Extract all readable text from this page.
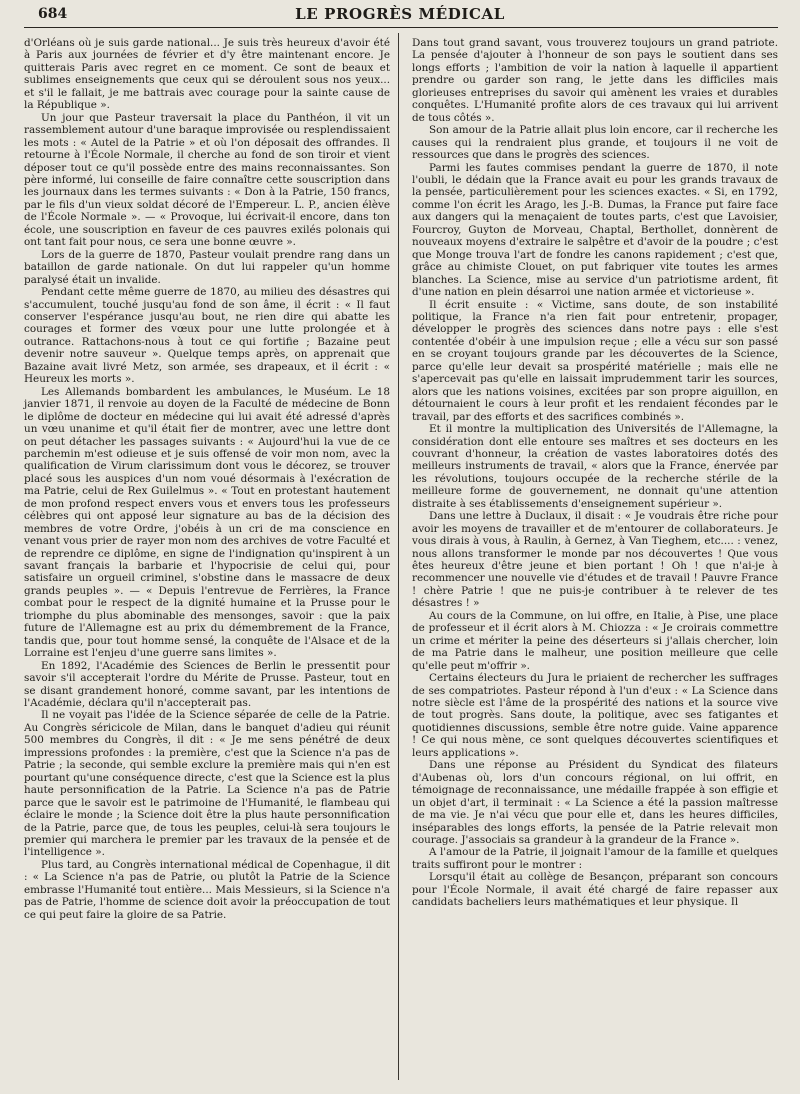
684	LE PROGRÈS MÉDICAL

d'Orléans où je suis garde national... Je suis très heureux d'avoir été à Paris aux journées de février et d'y être maintenant encore. Je quitterais Paris avec regret en ce moment. Ce sont de beaux et sublimes enseignements que ceux qui se déroulent sous nos yeux... et s'il le fallait, je me battrais avec courage pour la sainte cause de la République ».

Un jour que Pasteur traversait la place du Panthéon, il vit un rassemblement autour d'une baraque improvisée ou resplendissaient les mots : « Autel de la Patrie » et où l'on déposait des offrandes. Il retourne à l'École Normale, il cherche au fond de son tiroir et vient déposer tout ce qu'il possède entre des mains reconnaissantes. Son père informé, lui conseille de faire connaître cette souscription dans les journaux dans les termes suivants : « Don à la Patrie, 150 francs, par le fils d'un vieux soldat décoré de l'Empereur. L. P., ancien élève de l'École Normale ». — « Provoque, lui écrivait-il encore, dans ton école, une souscription en faveur de ces pauvres exilés polonais qui ont tant fait pour nous, ce sera une bonne œuvre ».

Lors de la guerre de 1870, Pasteur voulait prendre rang dans un bataillon de garde nationale. On dut lui rappeler qu'un homme paralysé était un invalide.

Pendant cette même guerre de 1870, au milieu des désastres qui s'accumulent, touché jusqu'au fond de son âme, il écrit : « Il faut conserver l'espérance jusqu'au bout, ne rien dire qui abatte les courages et former des vœux pour une lutte prolongée et à outrance. Rattachons-nous à tout ce qui fortifie ; Bazaine peut devenir notre sauveur ». Quelque temps après, on apprenait que Bazaine avait livré Metz, son armée, ses drapeaux, et il écrit : « Heureux les morts ».

Les Allemands bombardent les ambulances, le Muséum. Le 18 janvier 1871, il renvoie au doyen de la Faculté de médecine de Bonn le diplôme de docteur en médecine qui lui avait été adressé d'après un vœu unanime et qu'il était fier de montrer, avec une lettre dont on peut détacher les passages suivants : « Aujourd'hui la vue de ce parchemin m'est odieuse et je suis offensé de voir mon nom, avec la qualification de Virum clarissimum dont vous le décorez, se trouver placé sous les auspices d'un nom voué désormais à l'exécration de ma Patrie, celui de Rex Guilelmus ». « Tout en protestant hautement de mon profond respect envers vous et envers tous les professeurs célèbres qui ont apposé leur signature au bas de la décision des membres de votre Ordre, j'obéis à un cri de ma conscience en venant vous prier de rayer mon nom des archives de votre Faculté et de reprendre ce diplôme, en signe de l'indignation qu'inspirent à un savant français la barbarie et l'hypocrisie de celui qui, pour satisfaire un orgueil criminel, s'obstine dans le massacre de deux grands peuples ». — « Depuis l'entrevue de Ferrières, la France combat pour le respect de la dignité humaine et la Prusse pour le triomphe du plus abominable des mensonges, savoir : que la paix future de l'Allemagne est au prix du démembrement de la France, tandis que, pour tout homme sensé, la conquête de l'Alsace et de la Lorraine est l'enjeu d'une guerre sans limites ».

En 1892, l'Académie des Sciences de Berlin le pressentit pour savoir s'il accepterait l'ordre du Mérite de Prusse. Pasteur, tout en se disant grandement honoré, comme savant, par les intentions de l'Académie, déclara qu'il n'accepterait pas.

Il ne voyait pas l'idée de la Science séparée de celle de la Patrie. Au Congrès séricicole de Milan, dans le banquet d'adieu qui réunit 500 membres du Congrès, il dit : « Je me sens pénétré de deux impressions profondes : la première, c'est que la Science n'a pas de Patrie ; la seconde, qui semble exclure la première mais qui n'en est pourtant qu'une conséquence directe, c'est que la Science est la plus haute personnification de la Patrie. La Science n'a pas de Patrie parce que le savoir est le patrimoine de l'Humanité, le flambeau qui éclaire le monde ; la Science doit être la plus haute personnification de la Patrie, parce que, de tous les peuples, celui-là sera toujours le premier qui marchera le premier par les travaux de la pensée et de l'intelligence ».

Plus tard, au Congrès international médical de Copenhague, il dit : « La Science n'a pas de Patrie, ou plutôt la Patrie de la Science embrasse l'Humanité tout entière... Mais Messieurs, si la Science n'a pas de Patrie, l'homme de science doit avoir la préoccupation de tout ce qui peut faire la gloire de sa Patrie.

Dans tout grand savant, vous trouverez toujours un grand patriote. La pensée d'ajouter à l'honneur de son pays le soutient dans ses longs efforts ; l'ambition de voir la nation à laquelle il appartient prendre ou garder son rang, le jette dans les difficiles mais glorieuses entreprises du savoir qui amènent les vraies et durables conquêtes. L'Humanité profite alors de ces travaux qui lui arrivent de tous côtés ».

Son amour de la Patrie allait plus loin encore, car il recherche les causes qui la rendraient plus grande, et toujours il ne voit de ressources que dans le progrès des sciences.

Parmi les fautes commises pendant la guerre de 1870, il note l'oubli, le dédain que la France avait eu pour les grands travaux de la pensée, particulièrement pour les sciences exactes. « Si, en 1792, comme l'on écrit les Arago, les J.-B. Dumas, la France put faire face aux dangers qui la menaçaient de toutes parts, c'est que Lavoisier, Fourcroy, Guyton de Morveau, Chaptal, Berthollet, donnèrent de nouveaux moyens d'extraire le salpêtre et d'avoir de la poudre ; c'est que Monge trouva l'art de fondre les canons rapidement ; c'est que, grâce au chimiste Clouet, on put fabriquer vite toutes les armes blanches. La Science, mise au service d'un patriotisme ardent, fit d'une nation en plein désarroi une nation armée et victorieuse ».

Il écrit ensuite : « Victime, sans doute, de son instabilité politique, la France n'a rien fait pour entretenir, propager, développer le progrès des sciences dans notre pays : elle s'est contentée d'obéir à une impulsion reçue ; elle a vécu sur son passé en se croyant toujours grande par les découvertes de la Science, parce qu'elle leur devait sa prospérité matérielle ; mais elle ne s'apercevait pas qu'elle en laissait imprudemment tarir les sources, alors que les nations voisines, excitées par son propre aiguillon, en détournaient le cours à leur profit et les rendaient fécondes par le travail, par des efforts et des sacrifices combinés ».

Et il montre la multiplication des Universités de l'Allemagne, la considération dont elle entoure ses maîtres et ses docteurs en les couvrant d'honneur, la création de vastes laboratoires dotés des meilleurs instruments de travail, « alors que la France, énervée par les révolutions, toujours occupée de la recherche stérile de la meilleure forme de gouvernement, ne donnait qu'une attention distraite à ses établissements d'enseignement supérieur ».

Dans une lettre à Duclaux, il disait : « Je voudrais être riche pour avoir les moyens de travailler et de m'entourer de collaborateurs. Je vous dirais à vous, à Raulin, à Gernez, à Van Tieghem, etc.... : venez, nous allons transformer le monde par nos découvertes ! Que vous êtes heureux d'être jeune et bien portant ! Oh ! que n'ai-je à recommencer une nouvelle vie d'études et de travail ! Pauvre France ! chère Patrie ! que ne puis-je contribuer à te relever de tes désastres ! »

Au cours de la Commune, on lui offre, en Italie, à Pise, une place de professeur et il écrit alors à M. Chiozza : « Je croirais commettre un crime et mériter la peine des déserteurs si j'allais chercher, loin de ma Patrie dans le malheur, une position meilleure que celle qu'elle peut m'offrir ».

Certains électeurs du Jura le priaient de rechercher les suffrages de ses compatriotes. Pasteur répond à l'un d'eux : « La Science dans notre siècle est l'âme de la prospérité des nations et la source vive de tout progrès. Sans doute, la politique, avec ses fatigantes et quotidiennes discussions, semble être notre guide. Vaine apparence ! Ce qui nous mène, ce sont quelques découvertes scientifiques et leurs applications ».

Dans une réponse au Président du Syndicat des filateurs d'Aubenas où, lors d'un concours régional, on lui offrit, en témoignage de reconnaissance, une médaille frappée à son effigie et un objet d'art, il terminait : « La Science a été la passion maîtresse de ma vie. Je n'ai vécu que pour elle et, dans les heures difficiles, inséparables des longs efforts, la pensée de la Patrie relevait mon courage. J'associais sa grandeur à la grandeur de la France ».

A l'amour de la Patrie, il joignait l'amour de la famille et quelques traits suffiront pour le montrer :

Lorsqu'il était au collège de Besançon, préparant son concours pour l'École Normale, il avait été chargé de faire repasser aux candidats bacheliers leurs mathématiques et leur physique. Il
